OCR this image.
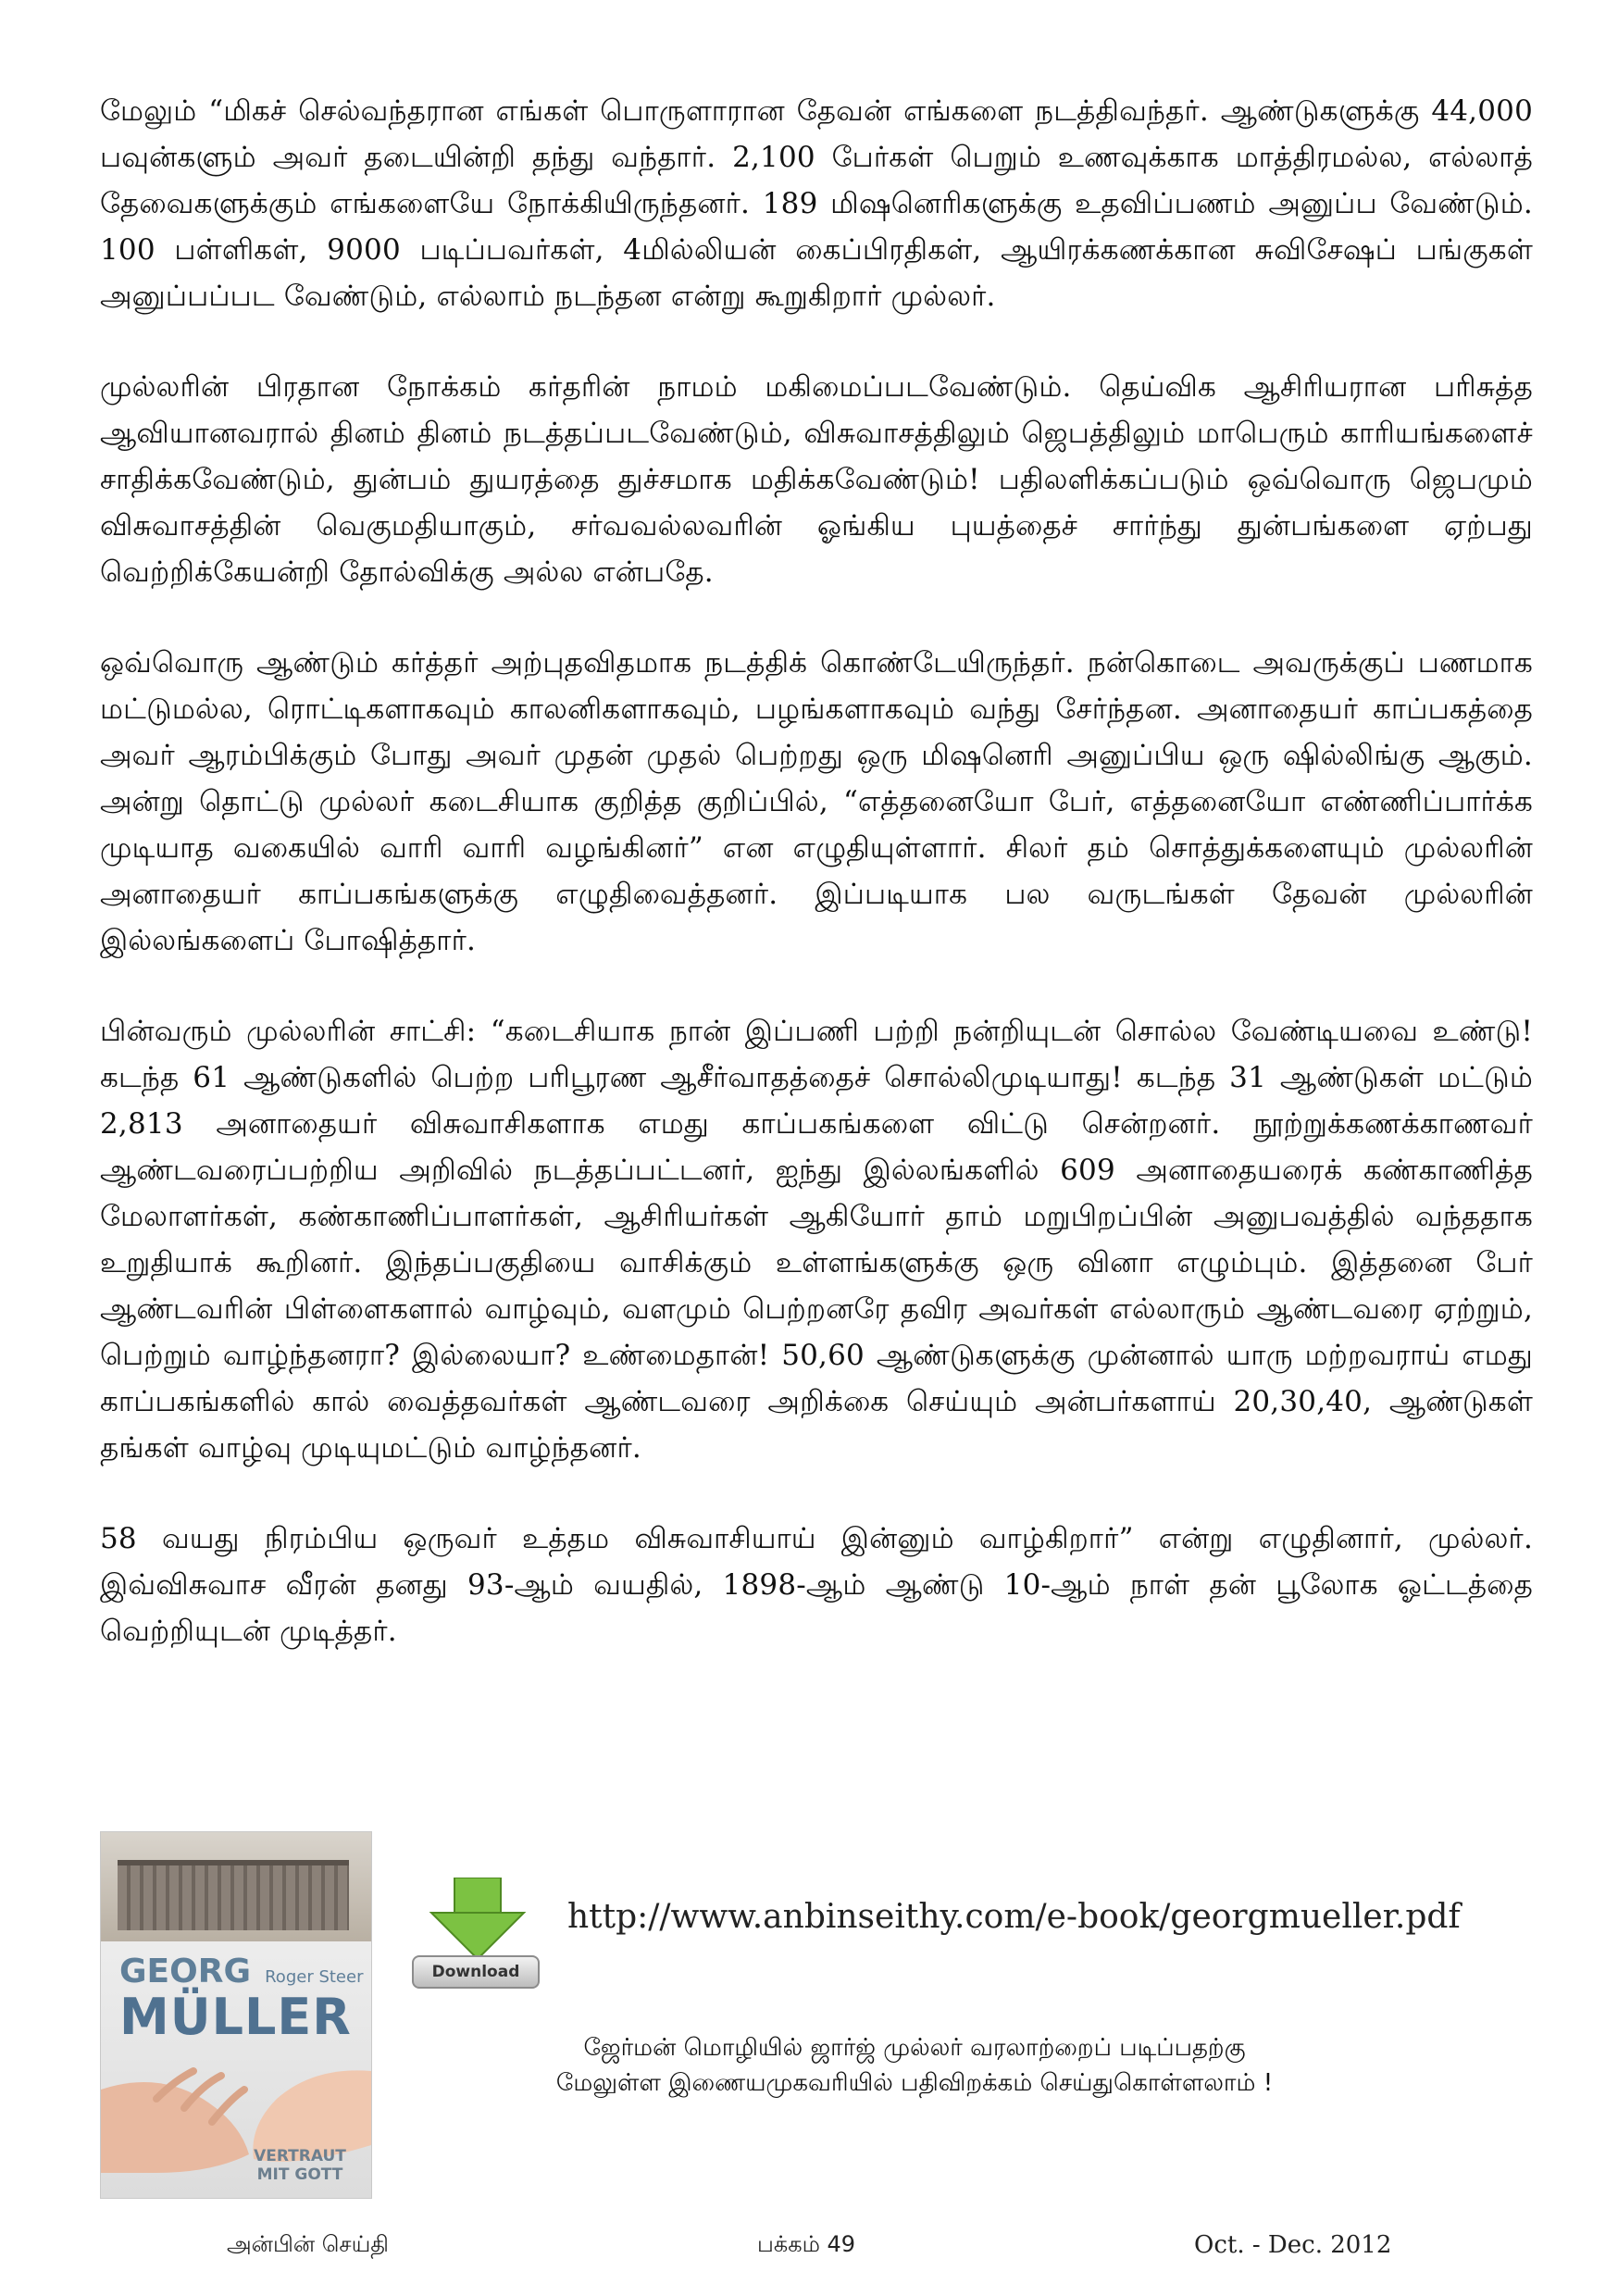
மேலும் “மிகச் செல்வந்தரான எங்கள் பொருளாரான தேவன் எங்களை நடத்திவந்தர். ஆண்டுகளுக்கு 44,000 பவுன்களும் அவர் தடையின்றி தந்து வந்தார். 2,100 பேர்கள் பெறும் உணவுக்காக மாத்திரமல்ல, எல்லாத் தேவைகளுக்கும் எங்களையே நோக்கியிருந்தனர். 189 மிஷனெரிகளுக்கு உதவிப்பணம் அனுப்ப வேண்டும். 100 பள்ளிகள், 9000 படிப்பவர்கள், 4மில்லியன் கைப்பிரதிகள், ஆயிரக்கணக்கான சுவிசேஷப் பங்குகள் அனுப்பப்பட வேண்டும், எல்லாம் நடந்தன என்று கூறுகிறார் முல்லர்.

முல்லரின் பிரதான நோக்கம் கர்தரின் நாமம் மகிமைப்படவேண்டும். தெய்விக ஆசிரியரான பரிசுத்த ஆவியானவரால் தினம் தினம் நடத்தப்படவேண்டும், விசுவாசத்திலும் ஜெபத்திலும் மாபெரும் காரியங்களைச் சாதிக்கவேண்டும், துன்பம் துயரத்தை துச்சமாக மதிக்கவேண்டும்! பதிலளிக்கப்படும் ஒவ்வொரு ஜெபமும் விசுவாசத்தின் வெகுமதியாகும், சர்வவல்லவரின் ஓங்கிய புயத்தைச் சார்ந்து துன்பங்களை ஏற்பது வெற்றிக்கேயன்றி தோல்விக்கு அல்ல என்பதே.

ஒவ்வொரு ஆண்டும் கர்த்தர் அற்புதவிதமாக நடத்திக் கொண்டேயிருந்தர். நன்கொடை அவருக்குப் பணமாக மட்டுமல்ல, ரொட்டிகளாகவும் காலனிகளாகவும், பழங்களாகவும் வந்து சேர்ந்தன. அனாதையர் காப்பகத்தை அவர் ஆரம்பிக்கும் போது அவர் முதன் முதல் பெற்றது ஒரு மிஷனெரி அனுப்பிய ஒரு ஷில்லிங்கு ஆகும். அன்று தொட்டு முல்லர் கடைசியாக குறித்த குறிப்பில், “எத்தனையோ பேர், எத்தனையோ எண்ணிப்பார்க்க முடியாத வகையில் வாரி வாரி வழங்கினர்” என எழுதியுள்ளார். சிலர் தம் சொத்துக்களையும் முல்லரின் அனாதையர் காப்பகங்களுக்கு எழுதிவைத்தனர். இப்படியாக பல வருடங்கள் தேவன் முல்லரின் இல்லங்களைப் போஷித்தார்.

பின்வரும் முல்லரின் சாட்சி: “கடைசியாக நான் இப்பணி பற்றி நன்றியுடன் சொல்ல வேண்டியவை உண்டு! கடந்த 61 ஆண்டுகளில் பெற்ற பரிபூரண ஆசீர்வாதத்தைச் சொல்லிமுடியாது! கடந்த 31 ஆண்டுகள் மட்டும் 2,813 அனாதையர் விசுவாசிகளாக எமது காப்பகங்களை விட்டு சென்றனர். நூற்றுக்கணக்காணவர் ஆண்டவரைப்பற்றிய அறிவில் நடத்தப்பட்டனர், ஐந்து இல்லங்களில் 609 அனாதையரைக் கண்காணித்த மேலாளர்கள், கண்காணிப்பாளர்கள், ஆசிரியர்கள் ஆகியோர் தாம் மறுபிறப்பின் அனுபவத்தில் வந்ததாக உறுதியாக் கூறினர். இந்தப்பகுதியை வாசிக்கும் உள்ளங்களுக்கு ஒரு வினா எழும்பும். இத்தனை பேர் ஆண்டவரின் பிள்ளைகளால் வாழ்வும், வளமும் பெற்றனரே தவிர அவர்கள் எல்லாரும் ஆண்டவரை ஏற்றும், பெற்றும் வாழ்ந்தனரா? இல்லையா? உண்மைதான்! 50,60 ஆண்டுகளுக்கு முன்னால் யாரு மற்றவராய் எமது காப்பகங்களில் கால் வைத்தவர்கள் ஆண்டவரை அறிக்கை செய்யும் அன்பர்களாய் 20,30,40, ஆண்டுகள் தங்கள் வாழ்வு முடியுமட்டும் வாழ்ந்தனர்.

58 வயது நிரம்பிய ஒருவர் உத்தம விசுவாசியாய் இன்னும் வாழ்கிறார்” என்று எழுதினார், முல்லர். இவ்விசுவாச வீரன் தனது 93-ஆம் வயதில், 1898-ஆம் ஆண்டு 10-ஆம் நாள் தன் பூலோக ஓட்டத்தை வெற்றியுடன் முடித்தர்.

GEORG Roger Steer
MÜLLER
VERTRAUT
MIT GOTT
Download
http://www.anbinseithy.com/e-book/georgmueller.pdf
ஜேர்மன் மொழியில் ஜார்ஜ் முல்லர் வரலாற்றைப் படிப்பதற்கு
மேலுள்ள இணையமுகவரியில் பதிவிறக்கம் செய்துகொள்ளலாம் !
அன்பின் செய்தி	பக்கம் 49	Oct. - Dec. 2012
